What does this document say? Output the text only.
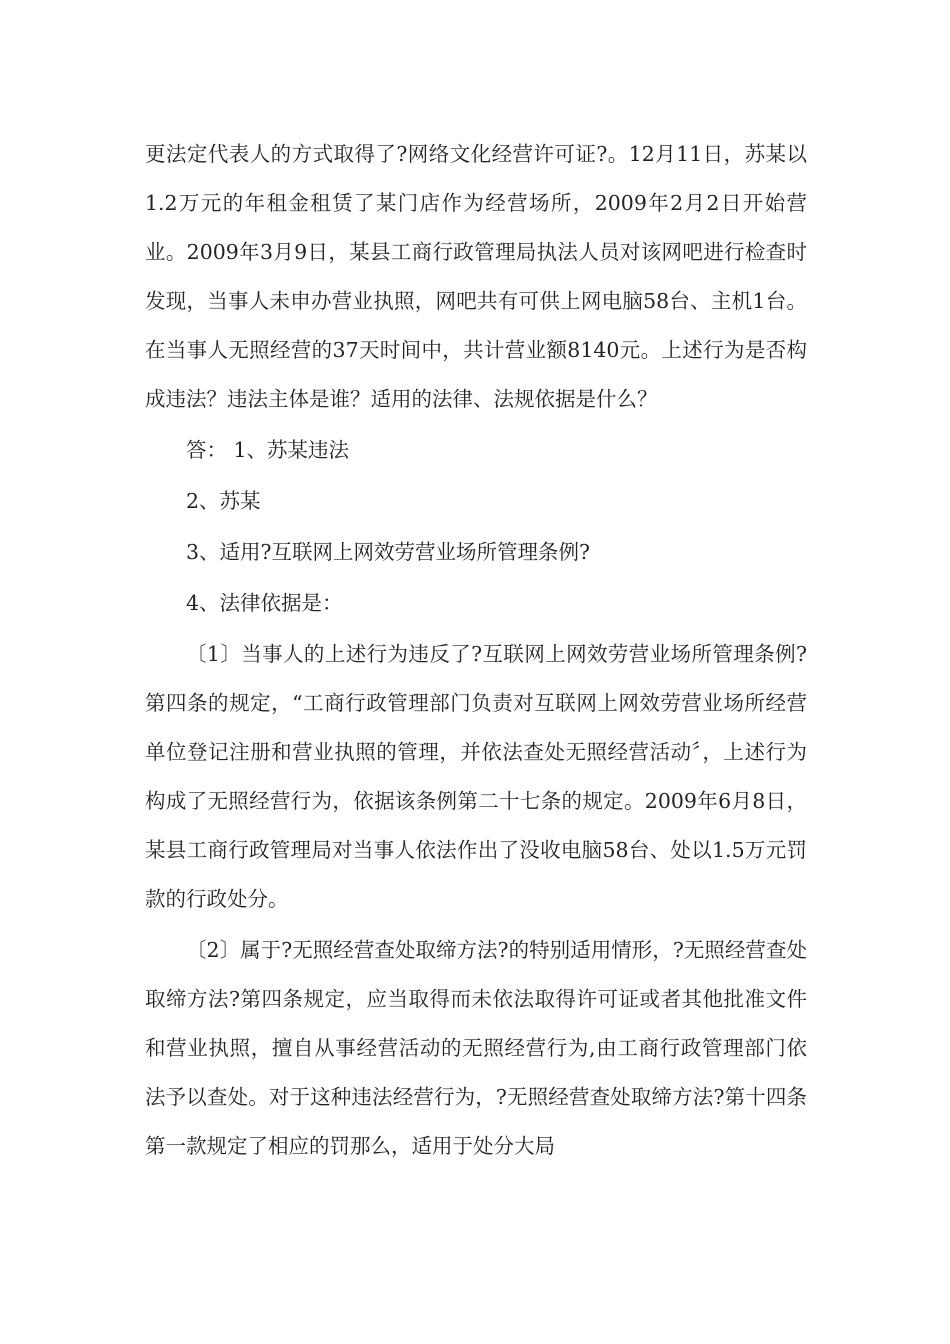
更法定代表人的方式取得了?网络文化经营许可证?。12月11日，苏某以1.2万元的年租金租赁了某门店作为经营场所，2009年2月2日开始营业。2009年3月9日，某县工商行政管理局执法人员对该网吧进行检查时发现，当事人未申办营业执照，网吧共有可供上网电脑58台、主机1台。在当事人无照经营的37天时间中，共计营业额8140元。上述行为是否构成违法？违法主体是谁？适用的法律、法规依据是什么？

答： 1、苏某违法

2、苏某

3、适用?互联网上网效劳营业场所管理条例?

4、法律依据是：

〔1〕当事人的上述行为违反了?互联网上网效劳营业场所管理条例?第四条的规定，“工商行政管理部门负责对互联网上网效劳营业场所经营单位登记注册和营业执照的管理，并依法查处无照经营活动〞，上述行为构成了无照经营行为，依据该条例第二十七条的规定。2009年6月8日，某县工商行政管理局对当事人依法作出了没收电脑58台、处以1.5万元罚款的行政处分。

〔2〕属于?无照经营查处取缔方法?的特别适用情形，?无照经营查处取缔方法?第四条规定，应当取得而未依法取得许可证或者其他批准文件和营业执照，擅自从事经营活动的无照经营行为,由工商行政管理部门依法予以查处。对于这种违法经营行为，?无照经营查处取缔方法?第十四条第一款规定了相应的罚那么，适用于处分大局
